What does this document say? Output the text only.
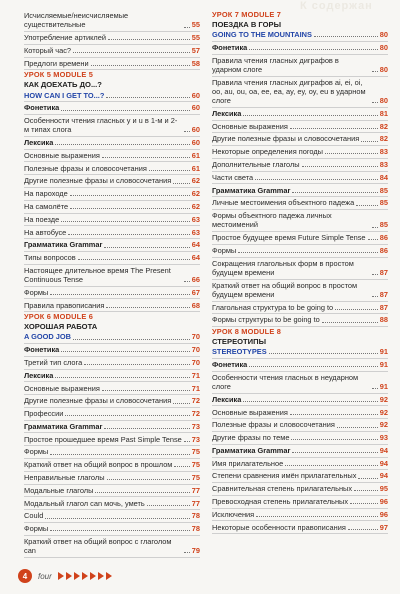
К содержан
Исчисляемые/неисчисляемые существительные	55
Употребление артиклей	55
Который час?	57
Предлоги времени	58
УРОК 5 MODULE 5
КАК ДОЕХАТЬ ДО...?
HOW CAN I GET TO...?	60
Фонетика	60
Особенности чтения гласных y и u в 1-м и 2-м типах слога	60
Лексика	60
Основные выражения	61
Полезные фразы и словосочетания	61
Другие полезные фразы и словосочетания	62
На пароходе	62
На самолёте	62
На поезде	63
На автобусе	63
Грамматика Grammar	64
Типы вопросов	64
Настоящее длительное время The Present Continuous Tense	66
Формы	67
Правила правописания	68
УРОК 6 MODULE 6
ХОРОШАЯ РАБОТА
A GOOD JOB	70
Фонетика	70
Третий тип слога	70
Лексика	71
Основные выражения	71
Другие полезные фразы и словосочетания	72
Профессии	72
Грамматика Grammar	73
Простое прошедшее время Past Simple Tense 73
Формы	75
Краткий ответ на общий вопрос в прошлом	75
Неправильные глаголы	75
Модальные глаголы	77
Модальный глагол can мочь, уметь	77
Could	78
Формы	78
Краткий ответ на общий вопрос с глаголом can	79
УРОК 7 MODULE 7
ПОЕЗДКА В ГОРЫ
GOING TO THE MOUNTAINS	80
Фонетика	80
Правила чтения гласных диграфов в ударном слоге	80
Правила чтения гласных диграфов ai, ei, oi, oo, au, ou, oa, ee, ea, ay, ey, oy, eu в ударном слоге	80
Лексика	81
Основные выражения	82
Другие полезные фразы и словосочетания	82
Некоторые определения погоды	83
Дополнительные глаголы	83
Части света	84
Грамматика Grammar	85
Личные местоимения объектного падежа	85
Формы объектного падежа личных местоимений	85
Простое будущее время Future Simple Tense 86
Формы	86
Сокращения глагольных форм в простом будущем времени	87
Краткий ответ на общий вопрос в простом будущем времени	87
Глагольная структура to be going to	87
Формы структуры to be going to	88
УРОК 8 MODULE 8
СТЕРЕОТИПЫ
STEREOTYPES	91
Фонетика	91
Особенности чтения гласных в неударном слоге	91
Лексика	92
Основные выражения	92
Полезные фразы и словосочетания	92
Другие фразы по теме	93
Грамматика Grammar	94
Имя прилагательное	94
Степени сравнения имён прилагательных	94
Сравнительная степень прилагательных	95
Превосходная степень прилагательных	96
Исключения	96
Некоторые особенности правописания	97
4	four
